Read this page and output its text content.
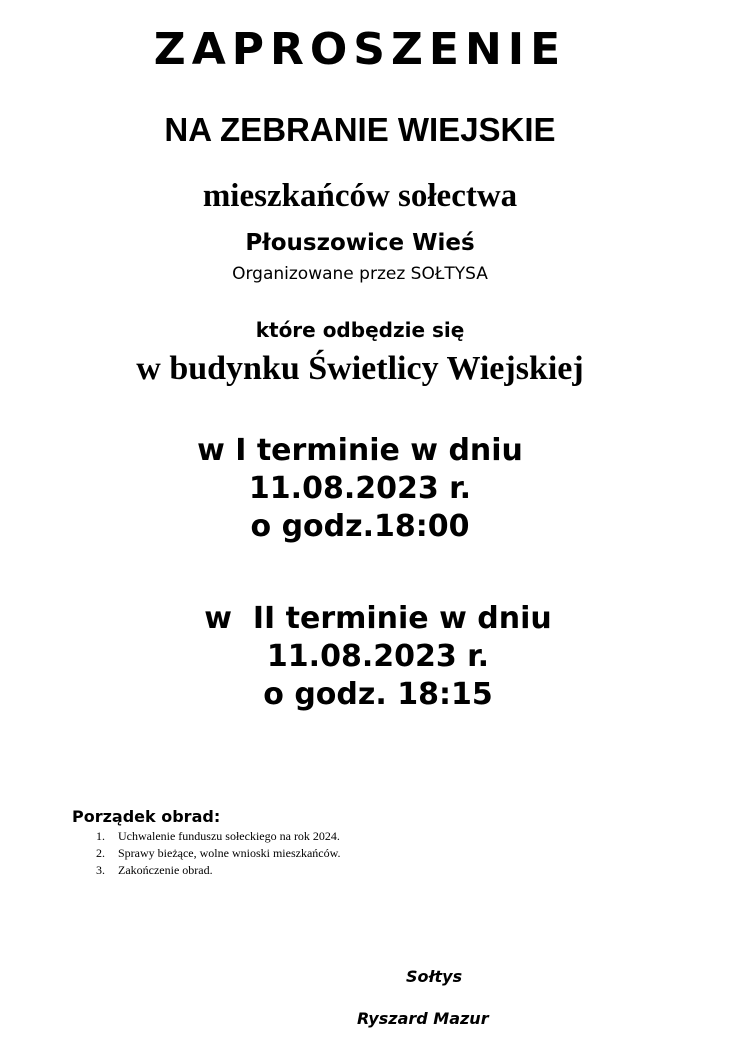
ZAPROSZENIE
NA ZEBRANIE WIEJSKIE
mieszkańców sołectwa
Płouszowice Wieś
Organizowane przez SOŁTYSA
które odbędzie się
w budynku Świetlicy Wiejskiej
w I terminie w dniu
11.08.2023 r.
o godz.18:00
w  II terminie w dniu
11.08.2023 r.
o godz. 18:15
Porządek obrad:
1.	Uchwalenie funduszu sołeckiego na rok 2024.
2.	Sprawy bieżące, wolne wnioski mieszkańców.
3.	Zakończenie obrad.
Sołtys
Ryszard Mazur
